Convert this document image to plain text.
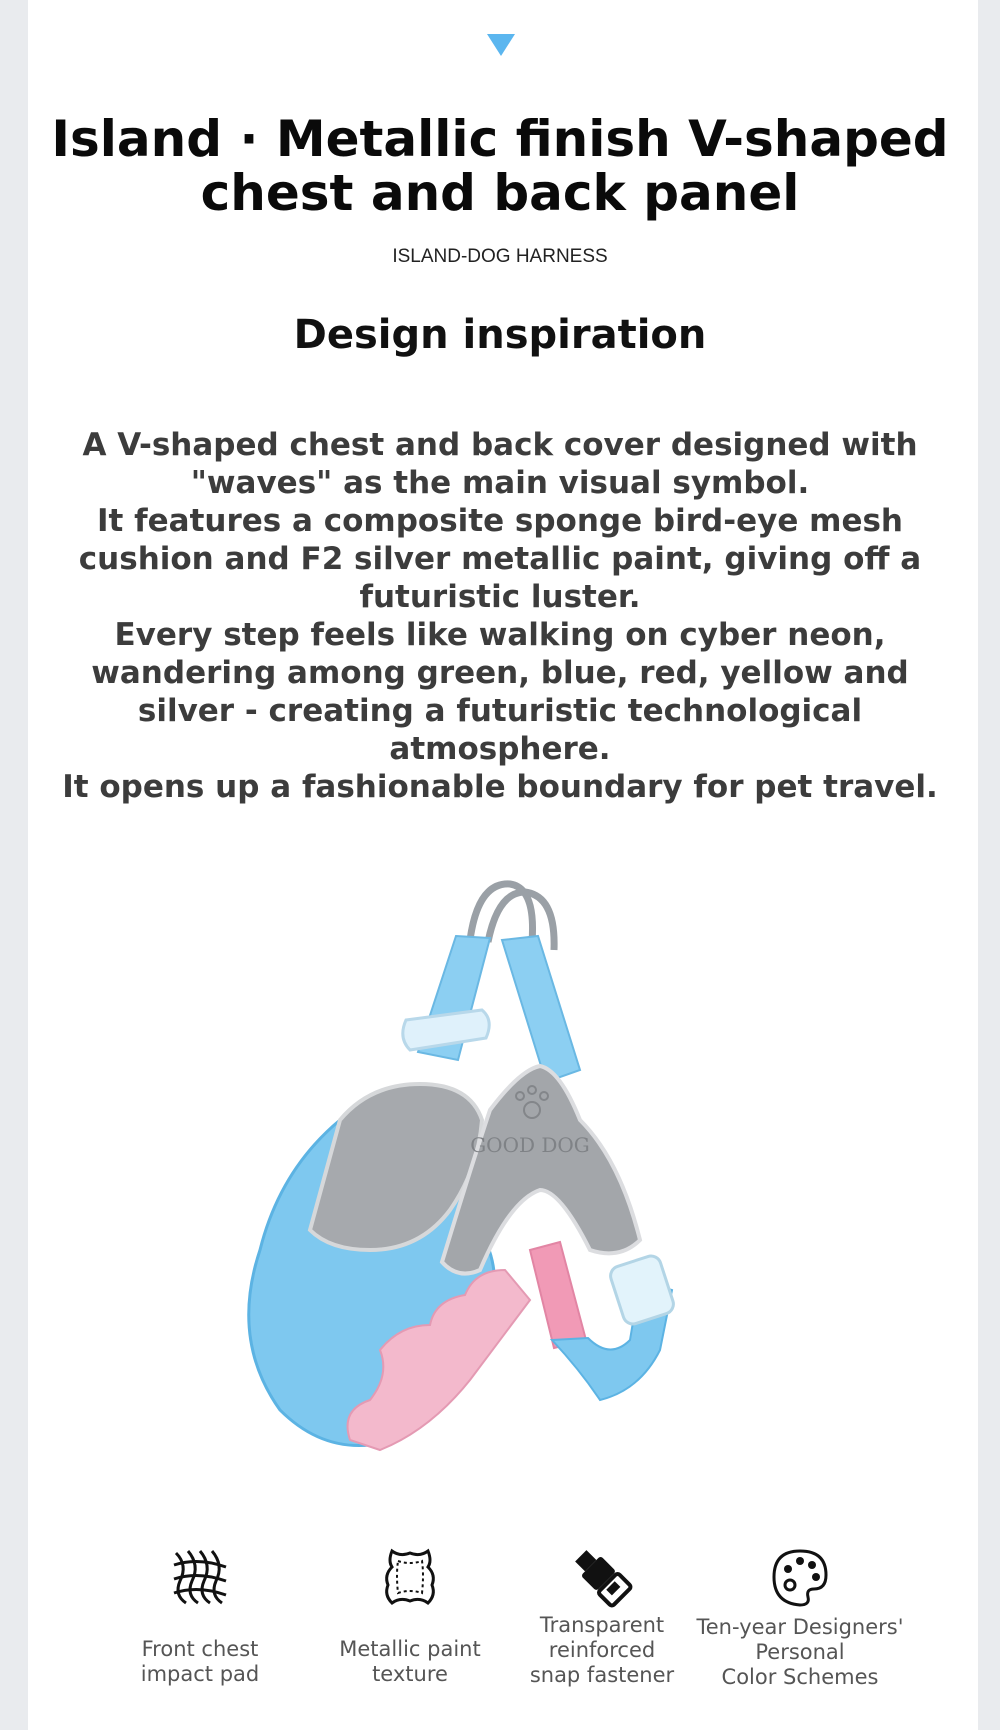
Island · Metallic finish V-shaped
chest and back panel
ISLAND-DOG HARNESS
Design inspiration

A V-shaped chest and back cover designed with "waves" as the main visual symbol.

It features a composite sponge bird-eye mesh cushion and F2 silver metallic paint, giving off a futuristic luster.

Every step feels like walking on cyber neon, wandering among green, blue, red, yellow and silver - creating a futuristic technological atmosphere.

It opens up a fashionable boundary for pet travel.

GOOD DOG
Front chest
impact pad
Metallic paint
texture
Transparent
reinforced
snap fastener
Ten-year Designers'
Personal
Color Schemes
